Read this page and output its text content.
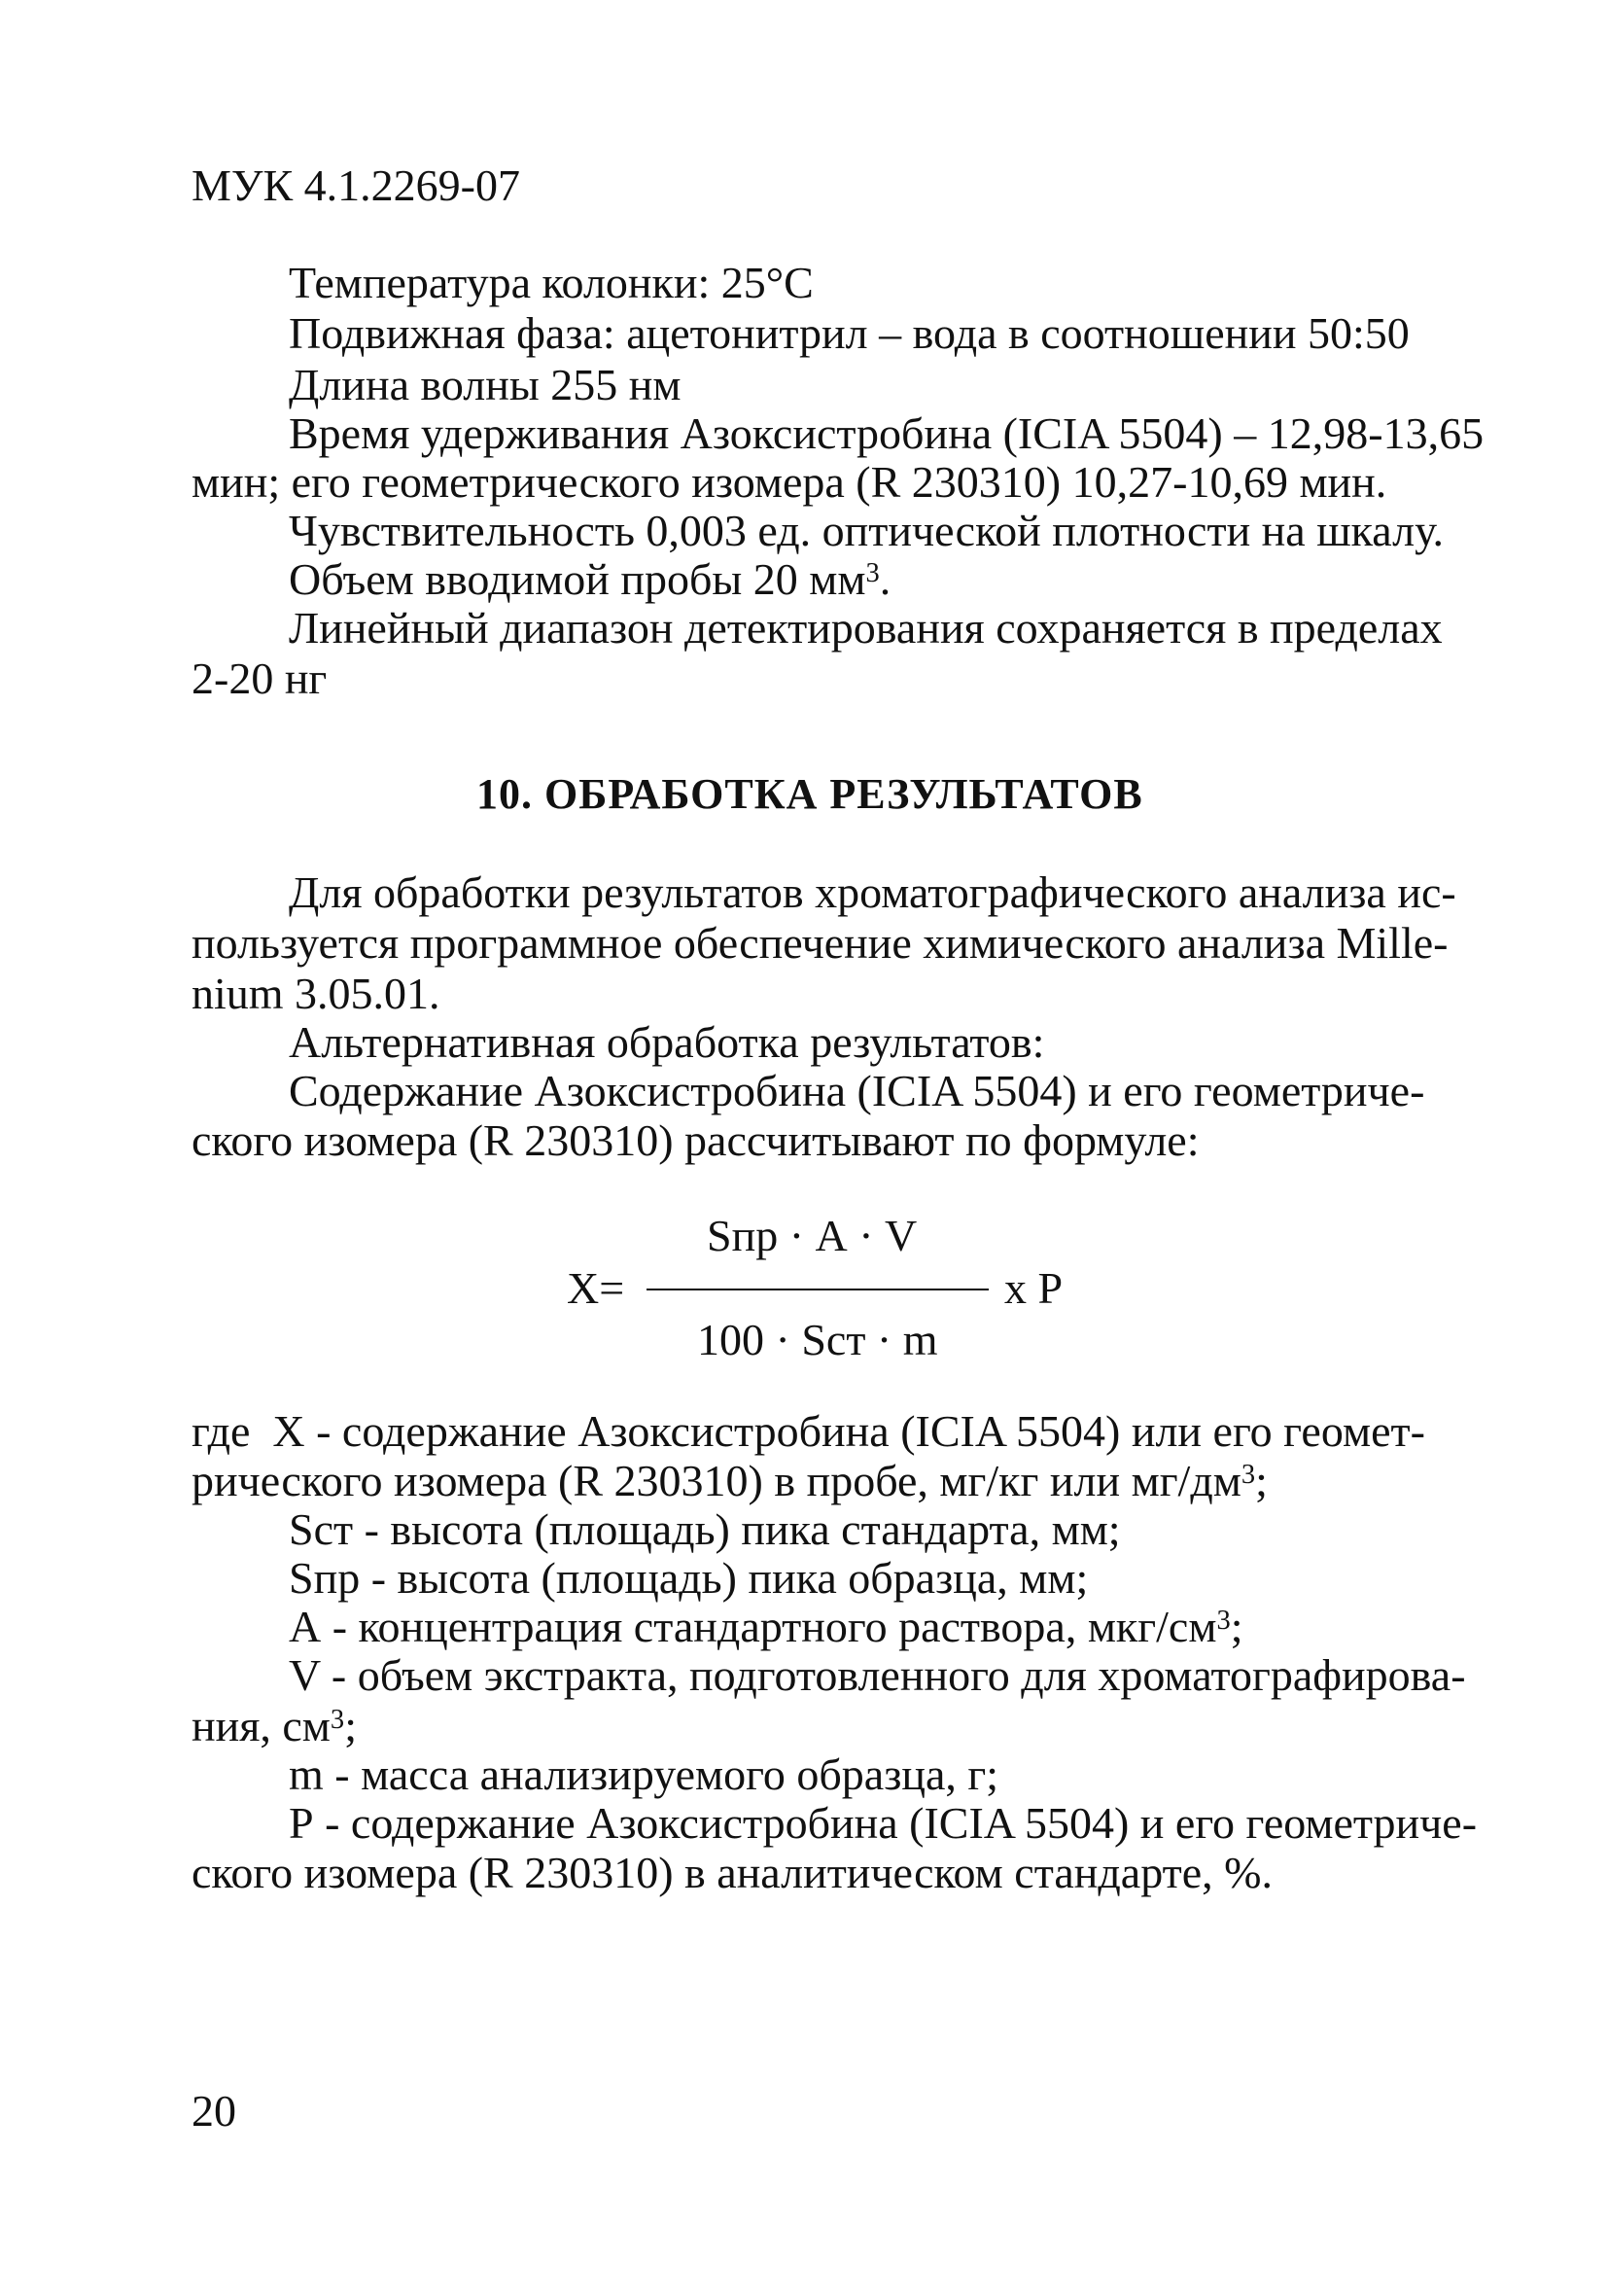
МУК 4.1.2269-07
Температура колонки: 25°С
Подвижная фаза: ацетонитрил – вода в соотношении 50:50
Длина волны 255 нм
Время удерживания Азоксистробина (ICIA 5504) – 12,98-13,65
мин; его геометрического изомера (R 230310) 10,27-10,69 мин.
Чувствительность 0,003 ед. оптической плотности на шкалу.
Объем вводимой пробы 20 $мм^3$.
Линейный диапазон детектирования сохраняется в пределах
2-20 нг
10. ОБРАБОТКА РЕЗУЛЬТАТОВ
Для обработки результатов хроматографического анализа ис-
пользуется программное обеспечение химического анализа Mille-
nium 3.05.01.
Альтернативная обработка результатов:
Содержание Азоксистробина (ICIA 5504) и его геометриче-
ского изомера (R 230310) рассчитывают по формуле:
Sпр · А · V
Х=	x P
100 · Sст · m
где  X - содержание Азоксистробина (ICIA 5504) или его геомет-
рического изомера (R 230310) в пробе, мг/кг или $мг/дм^3$;
Sст - высота (площадь) пика стандарта, мм;
Sпр - высота (площадь) пика образца, мм;
А - концентрация стандартного раствора, мкг/$см^3$;
V - объем экстракта, подготовленного для хроматографирова-
ния, $см^3$;
m - масса анализируемого образца, г;
Р - содержание Азоксистробина (ICIA 5504) и его геометриче-
ского изомера (R 230310) в аналитическом стандарте, %.
20
